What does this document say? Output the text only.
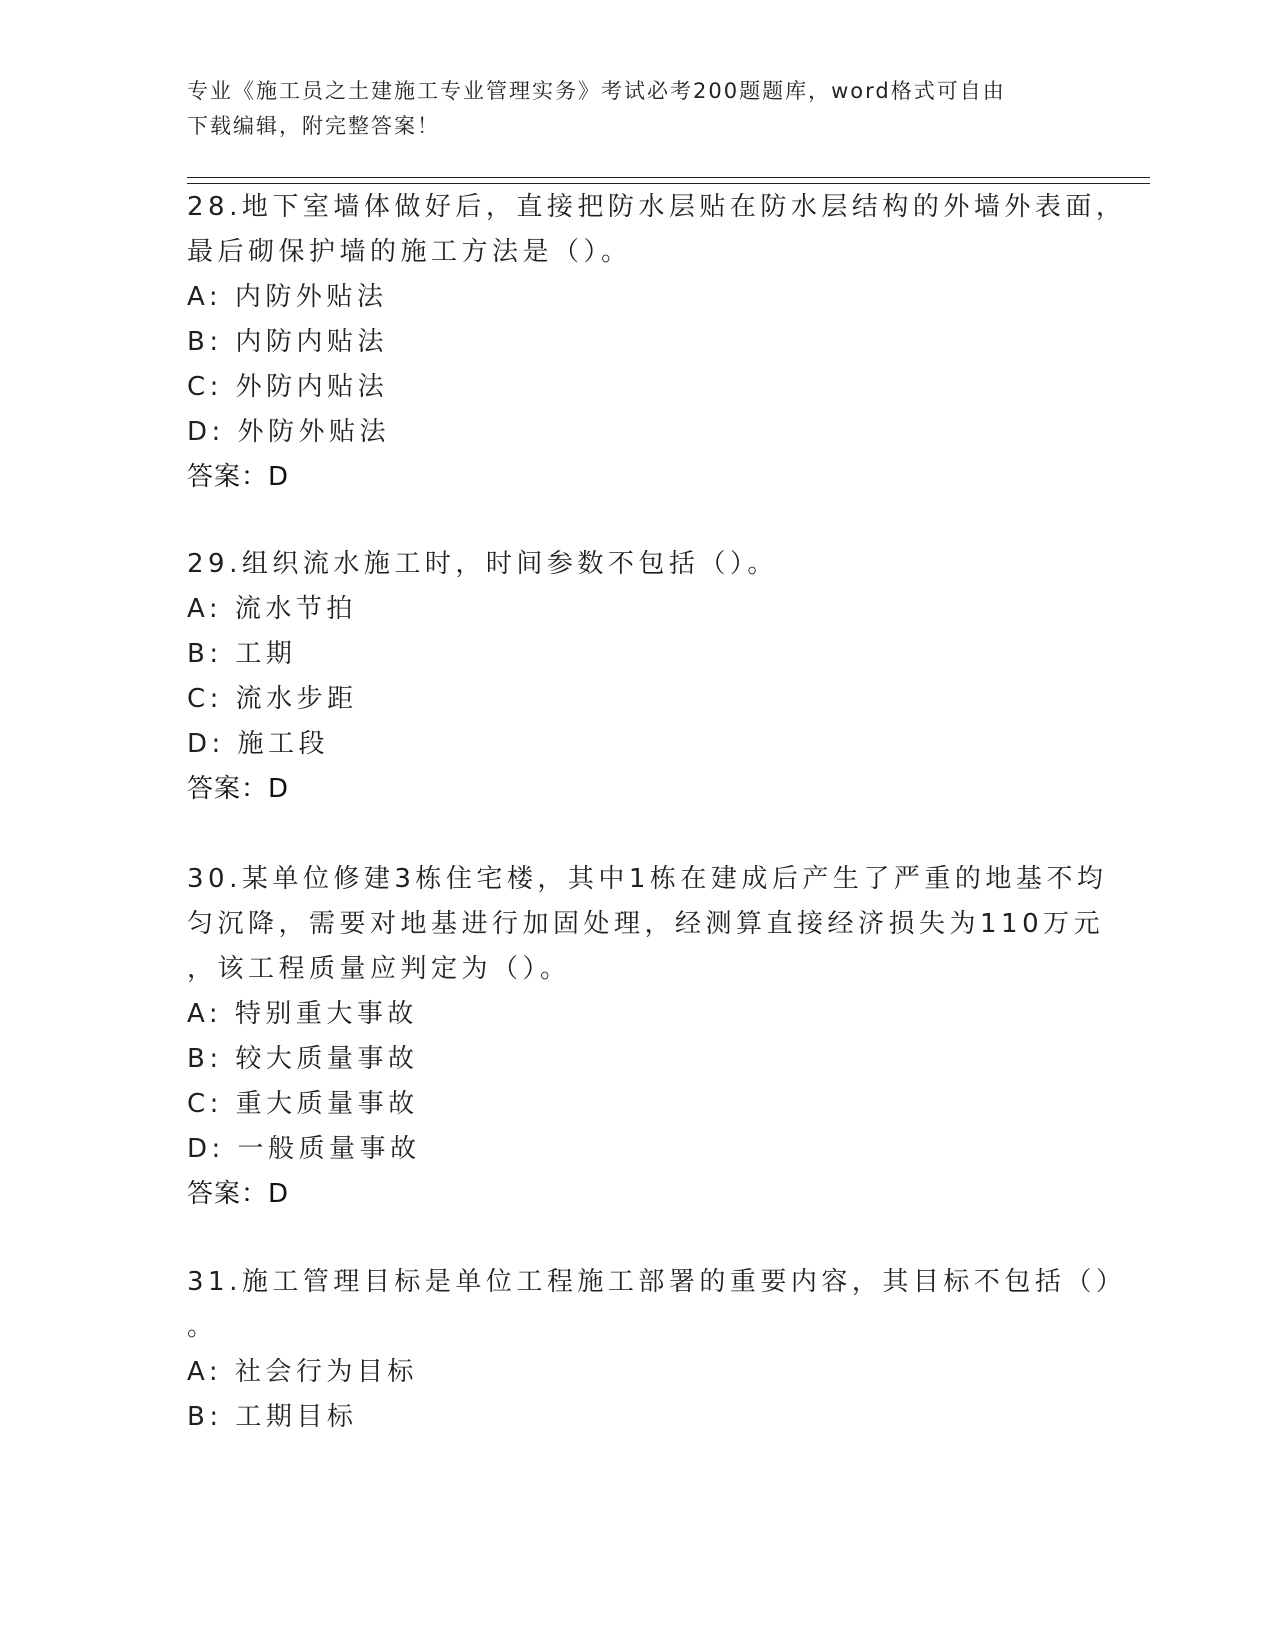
专业《施工员之土建施工专业管理实务》考试必考200题题库，word格式可自由
下载编辑，附完整答案！
28.地下室墙体做好后，直接把防水层贴在防水层结构的外墙外表面，
最后砌保护墙的施工方法是（）。
A: 内防外贴法
B: 内防内贴法
C: 外防内贴法
D: 外防外贴法
答案：D
29.组织流水施工时，时间参数不包括（）。
A: 流水节拍
B: 工期
C: 流水步距
D: 施工段
答案：D
30.某单位修建3栋住宅楼，其中1栋在建成后产生了严重的地基不均
匀沉降，需要对地基进行加固处理，经测算直接经济损失为110万元
，该工程质量应判定为（）。
A: 特别重大事故
B: 较大质量事故
C: 重大质量事故
D: 一般质量事故
答案：D
31.施工管理目标是单位工程施工部署的重要内容，其目标不包括（）
。
A: 社会行为目标
B: 工期目标
